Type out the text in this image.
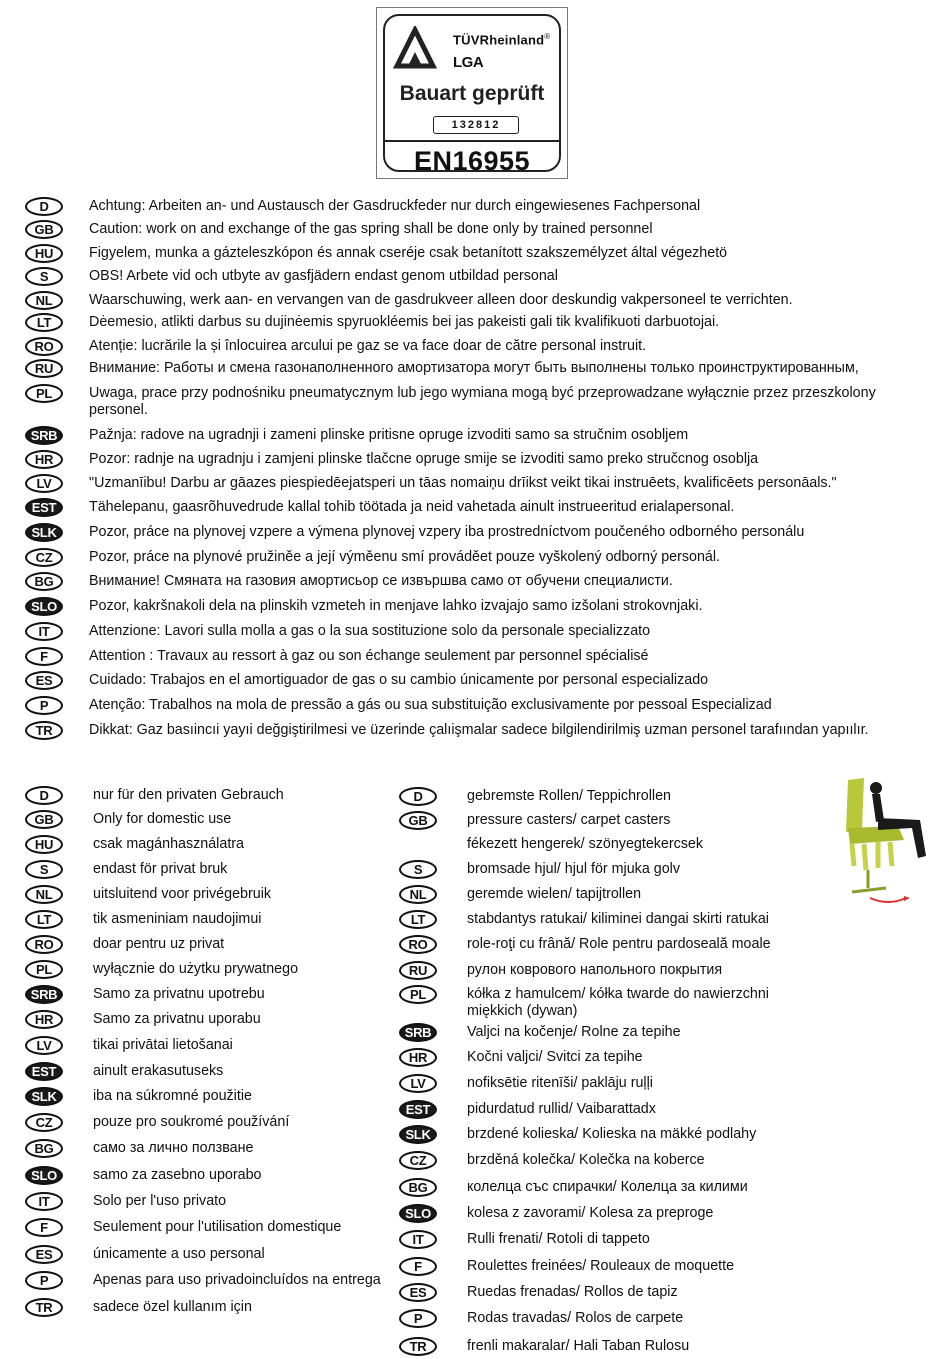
TÜVRheinland®
LGA
Bauart geprüft
132812
EN16955
D	Achtung: Arbeiten an- und Austausch der Gasdruckfeder nur durch eingewiesenes Fachpersonal
GB	Caution: work on and exchange of the gas spring shall be done only by trained personnel
HU	Figyelem, munka a gázteleszkópon és annak cseréje csak betanított szakszemélyzet által végezhetö
S	OBS! Arbete vid och utbyte av gasfjädern endast genom utbildad personal
NL	Waarschuwing, werk aan- en vervangen van de gasdrukveer alleen door deskundig vakpersoneel te verrichten.
LT	Dėemesio, atlikti darbus su dujinėemis spyruokléemis bei jas pakeisti gali tik kvalifikuoti darbuotojai.
RO	Atenție: lucrările la și înlocuirea arcului pe gaz se va face doar de către personal instruit.
RU	Внимание: Работы и смена газонаполненного амортизатора могут быть выполнены только проинструктированным,
PL	Uwaga, prace przy podnośniku pneumatycznym lub jego wymiana mogą być przeprowadzane wyłącznie przez przeszkolony personel.
SRB	Pažnja: radove na ugradnji i zameni plinske pritisne opruge izvoditi samo sa stručnim osobljem
HR	Pozor: radnje na ugradnju i zamjeni plinske tlačcne opruge smije se izvoditi samo preko stručcnog osoblja
LV	"Uzmanīibu! Darbu ar gāazes piespiedēejatsperi un tāas nomaiņu drīikst veikt tikai instruēets, kvalificēets personāals."
EST	Tähelepanu, gaasrõhuvedrude kallal tohib töötada ja neid vahetada ainult instrueeritud erialapersonal.
SLK	Pozor, práce na plynovej vzpere a výmena plynovej vzpery iba prostredníctvom poučeného odborného personálu
CZ	Pozor, práce na plynové pružiněe a její výměenu smí prováděet pouze vyškolený odborný personál.
BG	Внимание! Смяната на газовия амортисьор се извършва само от обучени специалисти.
SLO	Pozor, kakršnakoli dela na plinskih vzmeteh in menjave lahko izvajajo samo izšolani strokovnjaki.
IT	Attenzione: Lavori sulla molla a gas o la sua sostituzione solo da personale specializzato
F	Attention : Travaux au ressort à gaz ou son échange seulement par personnel spécialisé
ES	Cuidado: Trabajos en el amortiguador de gas o su cambio únicamente por personal especializado
P	Atenção: Trabalhos na mola de pressão a gás ou sua substituição exclusivamente por pessoal Especializad
TR	Dikkat: Gaz basıincıi yayıi değgiştirilmesi ve üzerinde çalıişmalar sadece bilgilendirilmiş uzman personel tarafıından yapıılır.
D	nur für den privaten Gebrauch
GB	Only for domestic use
HU	csak magánhasználatra
S	endast för privat bruk
NL	uitsluitend voor privégebruik
LT	tik asmeniniam naudojimui
RO	doar pentru uz privat
PL	wyłącznie do użytku prywatnego
SRB	Samo za privatnu upotrebu
HR	Samo za privatnu uporabu
LV	tikai privātai lietošanai
EST	ainult erakasutuseks
SLK	iba na súkromné použitie
CZ	pouze pro soukromé používání
BG	само за лично ползване
SLO	samo za zasebno uporabo
IT	Solo per l'uso privato
F	Seulement pour l'utilisation domestique
ES	únicamente a uso personal
P	Apenas para uso privadoincluídos na entrega
TR	sadece özel kullanım için
D	gebremste Rollen/ Teppichrollen
GB	pressure casters/ carpet casters
fékezett hengerek/ szönyegtekercsek
S	bromsade hjul/ hjul för mjuka golv
NL	geremde wielen/ tapijtrollen
LT	stabdantys ratukai/ kiliminei dangai skirti ratukai
RO	role-roţi cu frână/ Role pentru pardoseală moale
RU	рулон коврового напольного покрытия
PL	kółka z hamulcem/ kółka twarde do nawierzchni miękkich (dywan)
SRB	Valjci na kočenje/ Rolne za tepihe
HR	Kočni valjci/ Svitci za tepihe
LV	nofiksētie ritenīši/ paklāju ruļļi
EST	pidurdatud rullid/ Vaibarattadx
SLK	brzdené kolieska/ Kolieska na mäkké podlahy
CZ	brzděná kolečka/ Kolečka na koberce
BG	колелца със спирачки/ Колелца за килими
SLO	kolesa z zavorami/ Kolesa za preproge
IT	Rulli frenati/ Rotoli di tappeto
F	Roulettes freinées/ Rouleaux de moquette
ES	Ruedas frenadas/ Rollos de tapiz
P	Rodas travadas/ Rolos de carpete
TR	frenli makaralar/ Hali Taban Rulosu
